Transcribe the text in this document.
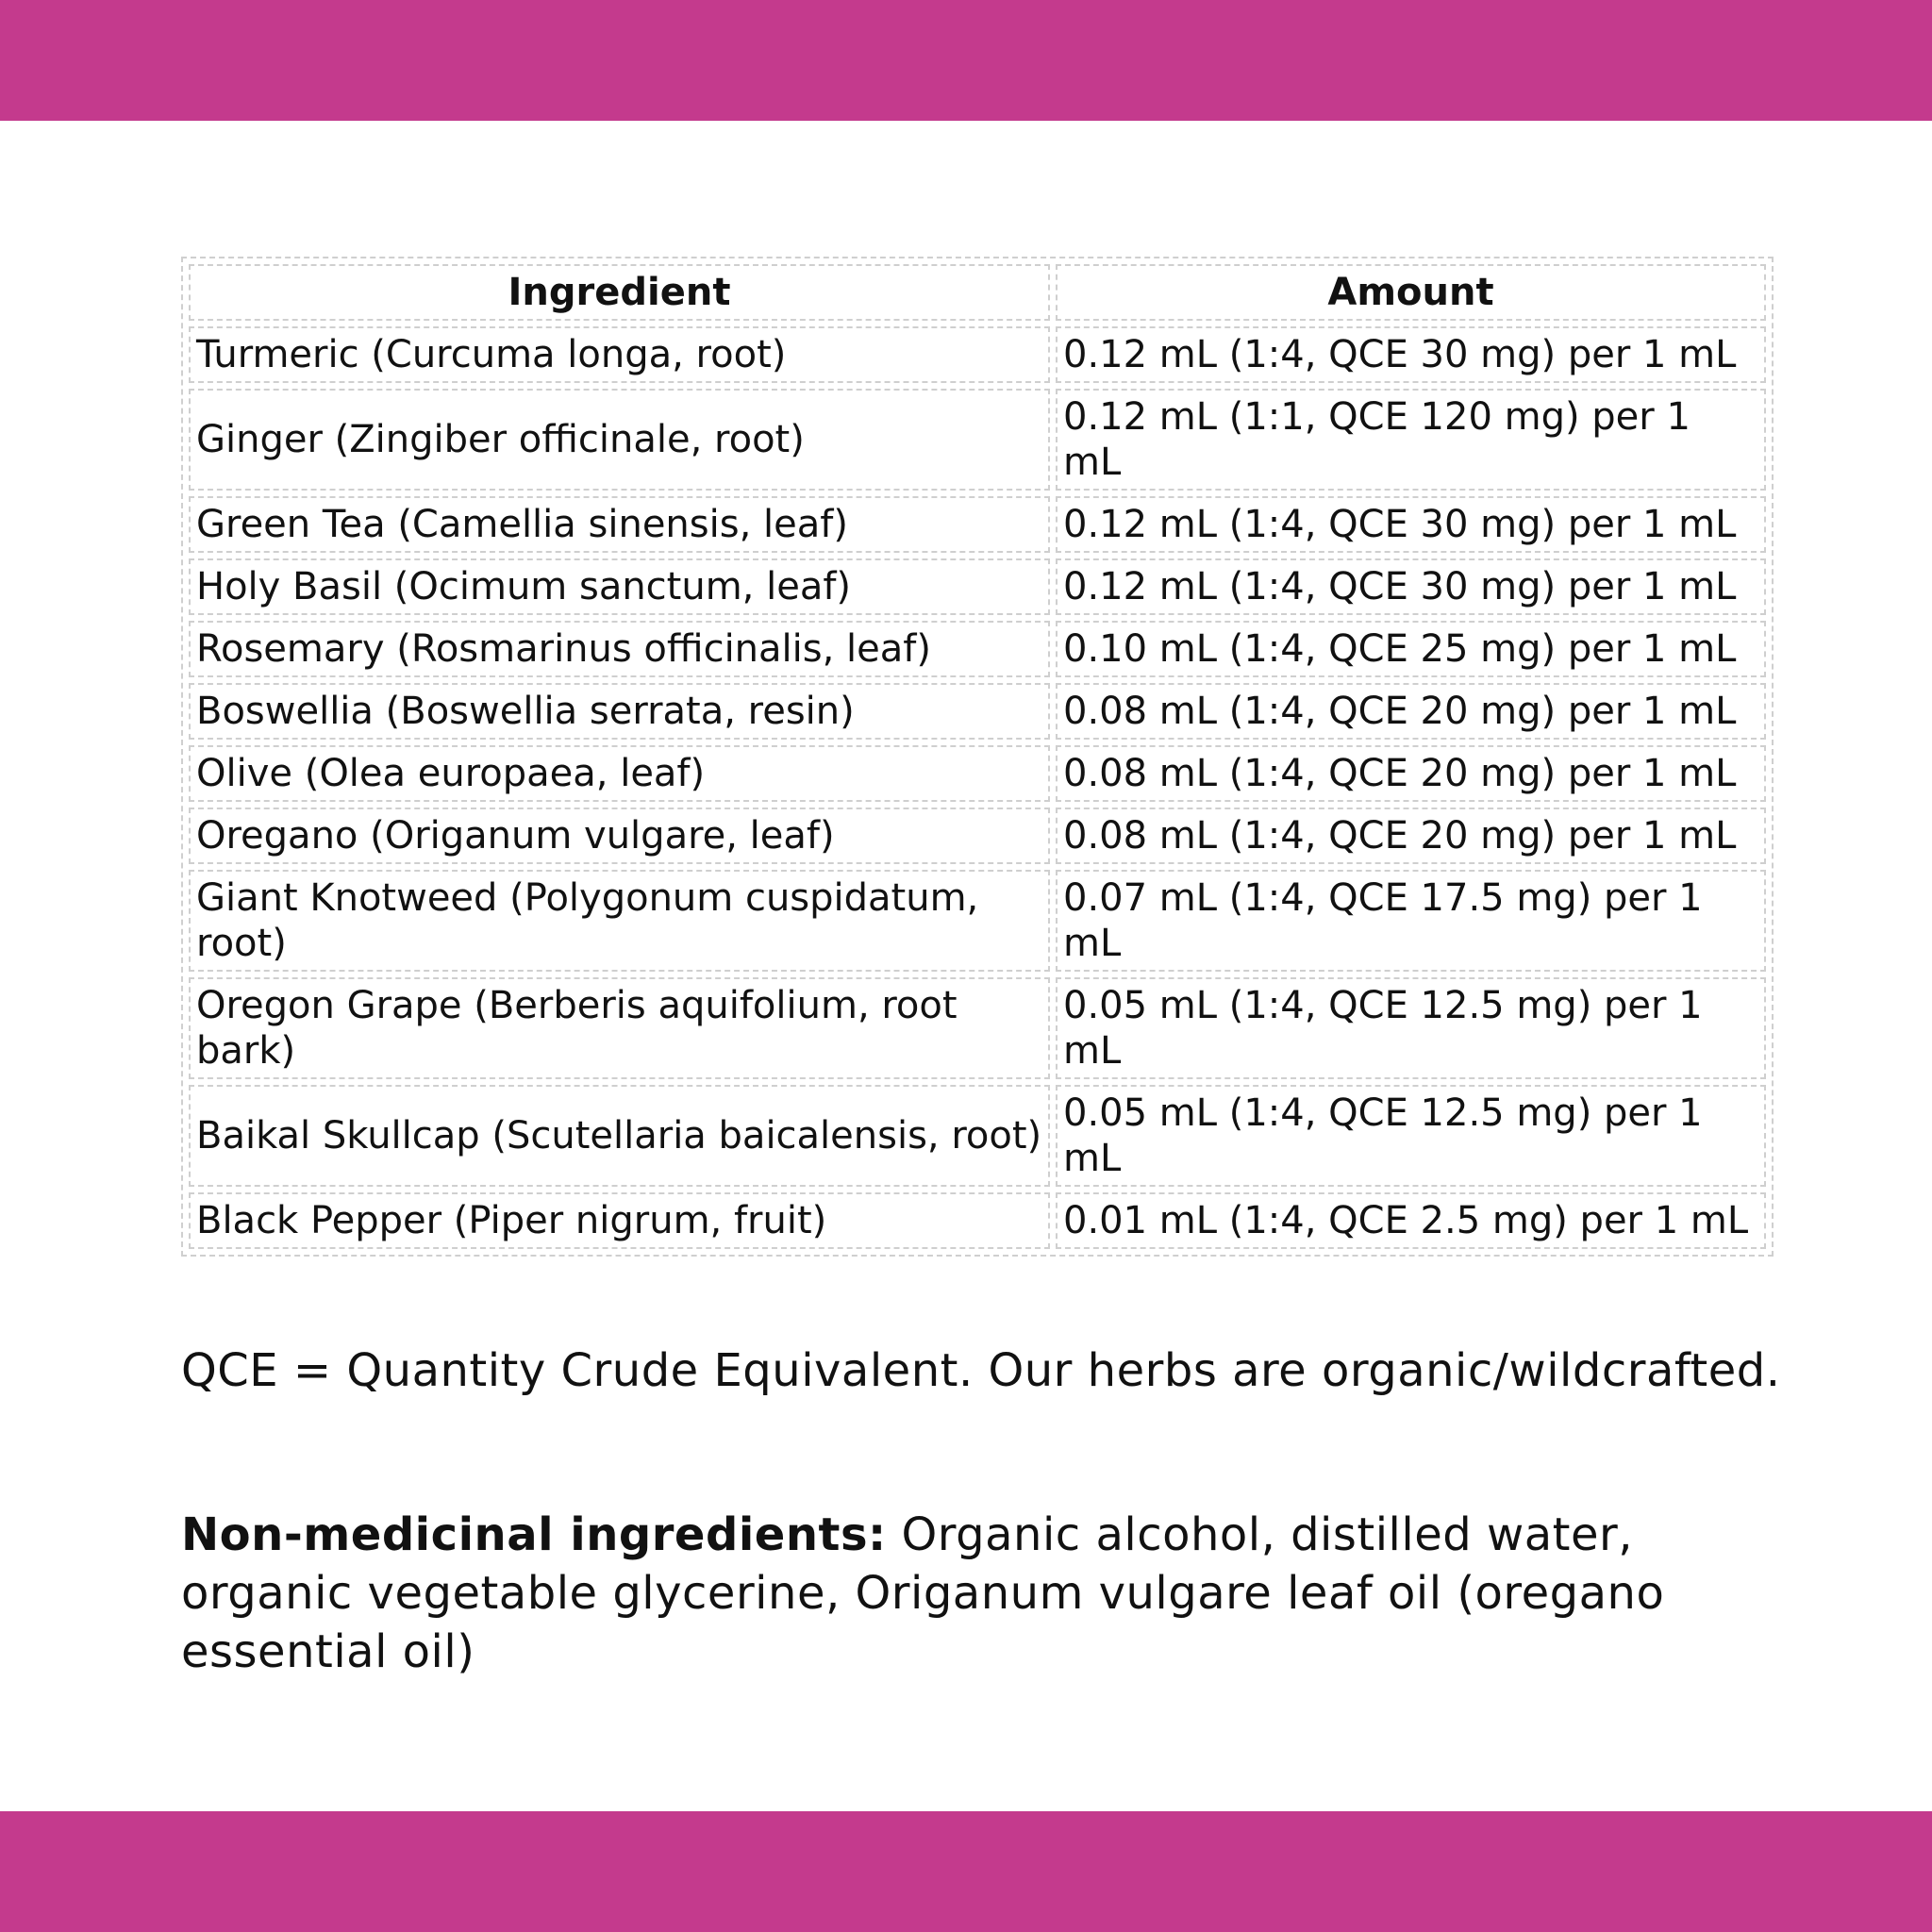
Ingredient	Amount
Turmeric (Curcuma longa, root)	0.12 mL (1:4, QCE 30 mg) per 1 mL
Ginger (Zingiber officinale, root)	0.12 mL (1:1, QCE 120 mg) per 1 mL
Green Tea (Camellia sinensis, leaf)	0.12 mL (1:4, QCE 30 mg) per 1 mL
Holy Basil (Ocimum sanctum, leaf)	0.12 mL (1:4, QCE 30 mg) per 1 mL
Rosemary (Rosmarinus officinalis, leaf)	0.10 mL (1:4, QCE 25 mg) per 1 mL
Boswellia (Boswellia serrata, resin)	0.08 mL (1:4, QCE 20 mg) per 1 mL
Olive (Olea europaea, leaf)	0.08 mL (1:4, QCE 20 mg) per 1 mL
Oregano (Origanum vulgare, leaf)	0.08 mL (1:4, QCE 20 mg) per 1 mL
Giant Knotweed (Polygonum cuspidatum, root)	0.07 mL (1:4, QCE 17.5 mg) per 1 mL
Oregon Grape (Berberis aquifolium, root bark)	0.05 mL (1:4, QCE 12.5 mg) per 1 mL
Baikal Skullcap (Scutellaria baicalensis, root)	0.05 mL (1:4, QCE 12.5 mg) per 1 mL
Black Pepper (Piper nigrum, fruit)	0.01 mL (1:4, QCE 2.5 mg) per 1 mL

QCE = Quantity Crude Equivalent. Our herbs are organic/wildcrafted.

Non-medicinal ingredients: Organic alcohol, distilled water, organic vegetable glycerine, Origanum vulgare leaf oil (oregano essential oil)
